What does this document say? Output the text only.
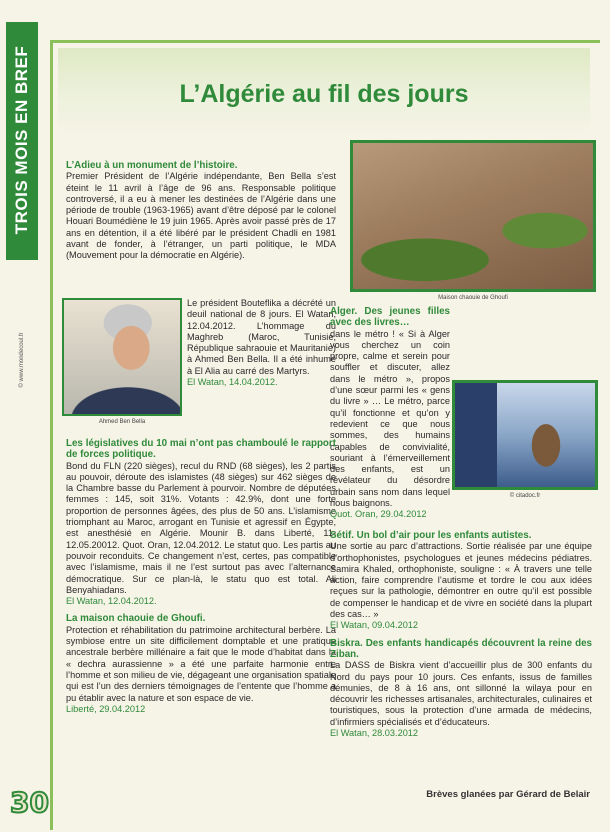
TROIS MOIS EN BREF
© www.mondecoul.fr
30
L’Algérie au fil des jours
L’Adieu à un monument de l’histoire.

Premier Président de l’Algérie indépendante, Ben Bella s’est éteint le 11 avril à l’âge de 96 ans. Responsable politique controversé, il a eu à mener les destinées de l’Algérie dans une période de trouble (1963-1965) avant d’être déposé par le colonel Houari Boumédiène le 19 juin 1965. Après avoir passé près de 17 ans en détention, il a été libéré par le président Chadli en 1981 avant de fonder, à l’étranger, un parti politique, le MDA (Mouvement pour la démocratie en Algérie).

Ahmed Ben Bella

Le président Bouteflika a décrété un deuil national de 8 jours. El Watan, 12.04.2012. L’hommage du Maghreb (Maroc, Tunisie, République sahraouie et Mauritanie) à Ahmed Ben Bella. Il a été inhumé à El Alia au carré des Martyrs.

El Watan, 14.04.2012.
Les législatives du 10 mai n’ont pas chamboulé le rapport de forces politique.

Bond du FLN (220 sièges), recul du RND (68 sièges), les 2 partis au pouvoir, déroute des islamistes (48 sièges) sur 462 sièges de la Chambre basse du Parlement à pourvoir. Nombre de députées femmes : 145, soit 31%. Votants : 42.9%, dont une forte proportion de personnes âgées, des plus de 50 ans. L’islamisme triomphant au Maroc, arrogant en Tunisie et agressif en Égypte, est anesthésié en Algérie. Mounir B. dans Liberté, 11-12.05.20012. Quot. Oran, 12.04.2012. Le statut quo. Les partis au pouvoir reconduits. Ce changement n’est, certes, pas compatible avec l’islamisme, mais il ne l’est surtout pas avec l’alternance démocratique. Sur ce plan-là, le statu quo est total. Ali Benyahiadans.

El Watan, 12.04.2012.
La maison chaouie de Ghoufi.

Protection et réhabilitation du patrimoine architectural berbère. La symbiose entre un site difficilement domptable et une pratique ancestrale berbère millénaire a fait que le mode d’habitat dans la « dechra aurassienne » a été une parfaite harmonie entre l’homme et son milieu de vie, dégageant une organisation spatiale qui est l’un des derniers témoignages de l’entente que l’homme a pu établir avec la nature et son espace de vie.

Liberté, 29.04.2012
Maison chaouie de Ghoufi
Alger. Des jeunes filles avec des livres…

dans le métro ! « Si à Alger vous cherchez un coin propre, calme et serein pour souffler et discuter, allez dans le métro », propos d’une sœur parmi les « gens du livre » … Le métro, parce qu’il fonctionne et qu’on y redevient ce que nous sommes, des humains capables de convivialité, souriant à l’émerveillement des enfants, est un révélateur du désordre urbain sans nom dans lequel nous baignons.

Quot. Oran, 29.04.2012
© citadoc.fr
Sétif. Un bol d’air pour les enfants autistes.

Une sortie au parc d’attractions. Sortie réalisée par une équipe d’orthophonistes, psychologues et jeunes médecins pédiatres. Samira Khaled, orthophoniste, souligne : « À travers une telle action, faire comprendre l’autisme et tordre le cou aux idées reçues sur la pathologie, démontrer en outre qu’il est possible de compenser le handicap et de vivre en société dans la plupart des cas… »

El Watan, 09.04.2012
Biskra. Des enfants handicapés découvrent la reine des Ziban.

La DASS de Biskra vient d’accueillir plus de 300 enfants du Nord du pays pour 10 jours. Ces enfants, issus de familles démunies, de 8 à 16 ans, ont sillonné la wilaya pour en découvrir les richesses artisanales, architecturales, culinaires et touristiques, sous la protection d’une armada de médecins, d’infirmiers spécialisés et d’éducateurs.

El Watan, 28.03.2012
Brèves glanées par Gérard de Belair
